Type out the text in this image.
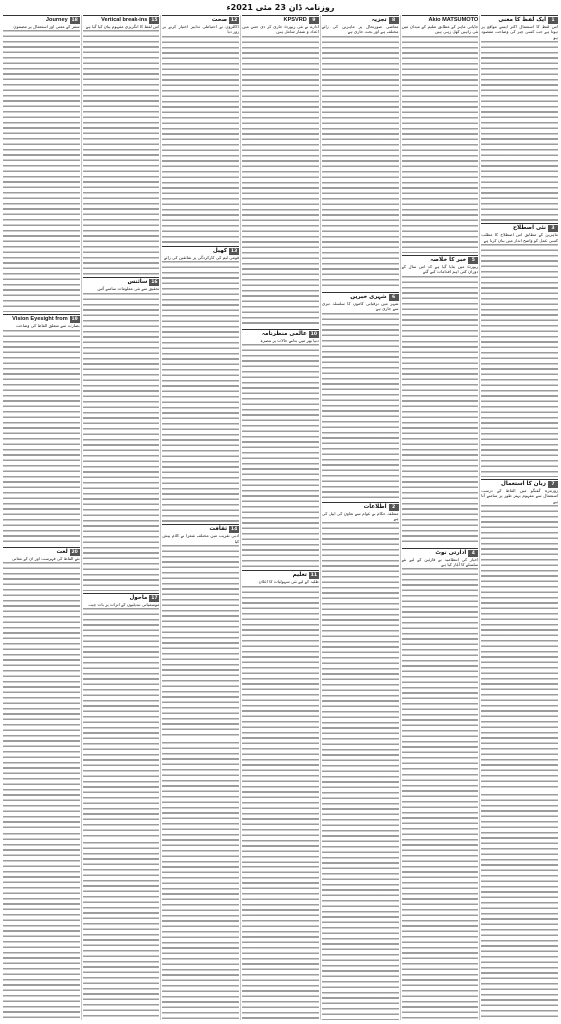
روزنامہ ڈان 23 مئی 2021ء
1
ایک لفظ کا معنی
اس لفظ کا استعمال اکثر ایسے مواقع پر ہوتا ہے جب کسی چیز کی وضاحت مقصود ہو
3
نئی اصطلاح
ماہرین کے مطابق اس اصطلاح کا مطلب کسی عمل کو واضح انداز میں بیان کرنا ہے
7
زبان کا استعمال
روزمرہ گفتگو میں الفاظ کے درست استعمال سے مفہوم بہتر طور پر سامنے آتا ہے
Akio MATSUMOTO
جاپانی ماہر کے مطابق تعلیم کے میدان میں نئی راہیں کھل رہی ہیں
5
خبر کا خلاصہ
رپورٹ میں بتایا گیا ہے کہ اس سال کے دوران کئی اہم اقدامات کیے گئے
4
ادارتی نوٹ
اخبار کی انتظامیہ نے قارئین کے لیے نئے سلسلے کا آغاز کیا ہے
8
تجزیہ
معاشی صورتحال پر ماہرین کی رائے مختلف ہے اور بحث جاری ہے
6
شہری خبریں
شہر میں ترقیاتی کاموں کا سلسلہ تیزی سے جاری ہے
2
اطلاعات
متعلقہ حکام نے عوام سے تعاون کی اپیل کی ہے
9
KPSVRD
ادارے نے نئی رپورٹ جاری کر دی جس میں اعداد و شمار شامل ہیں
10
عالمی منظرنامہ
دنیا بھر میں بدلتے حالات پر تبصرہ
11
تعلیم
طلبہ کے لیے نئی سہولیات کا اعلان
12
صحت
ڈاکٹروں نے احتیاطی تدابیر اختیار کرنے پر زور دیا
13
کھیل
قومی ٹیم کی کارکردگی پر شائقین کی رائے
14
ثقافت
ادبی تقریب میں مختلف شعرا نے کلام پیش کیا
15
Vertical break-ins
اس لفظ کا انگریزی مفہوم بیان کیا گیا ہے
16
سائنس
تحقیق سے نئی معلومات سامنے آئیں
17
ماحول
موسمیاتی تبدیلیوں کے اثرات پر بات چیت
18
Journey
سفر کے معنی اور استعمال پر مضمون
19
Vision Eyesight from
بصارت سے متعلق الفاظ کی وضاحت
20
لغت
نئے الفاظ کی فہرست اور ان کے معانی
